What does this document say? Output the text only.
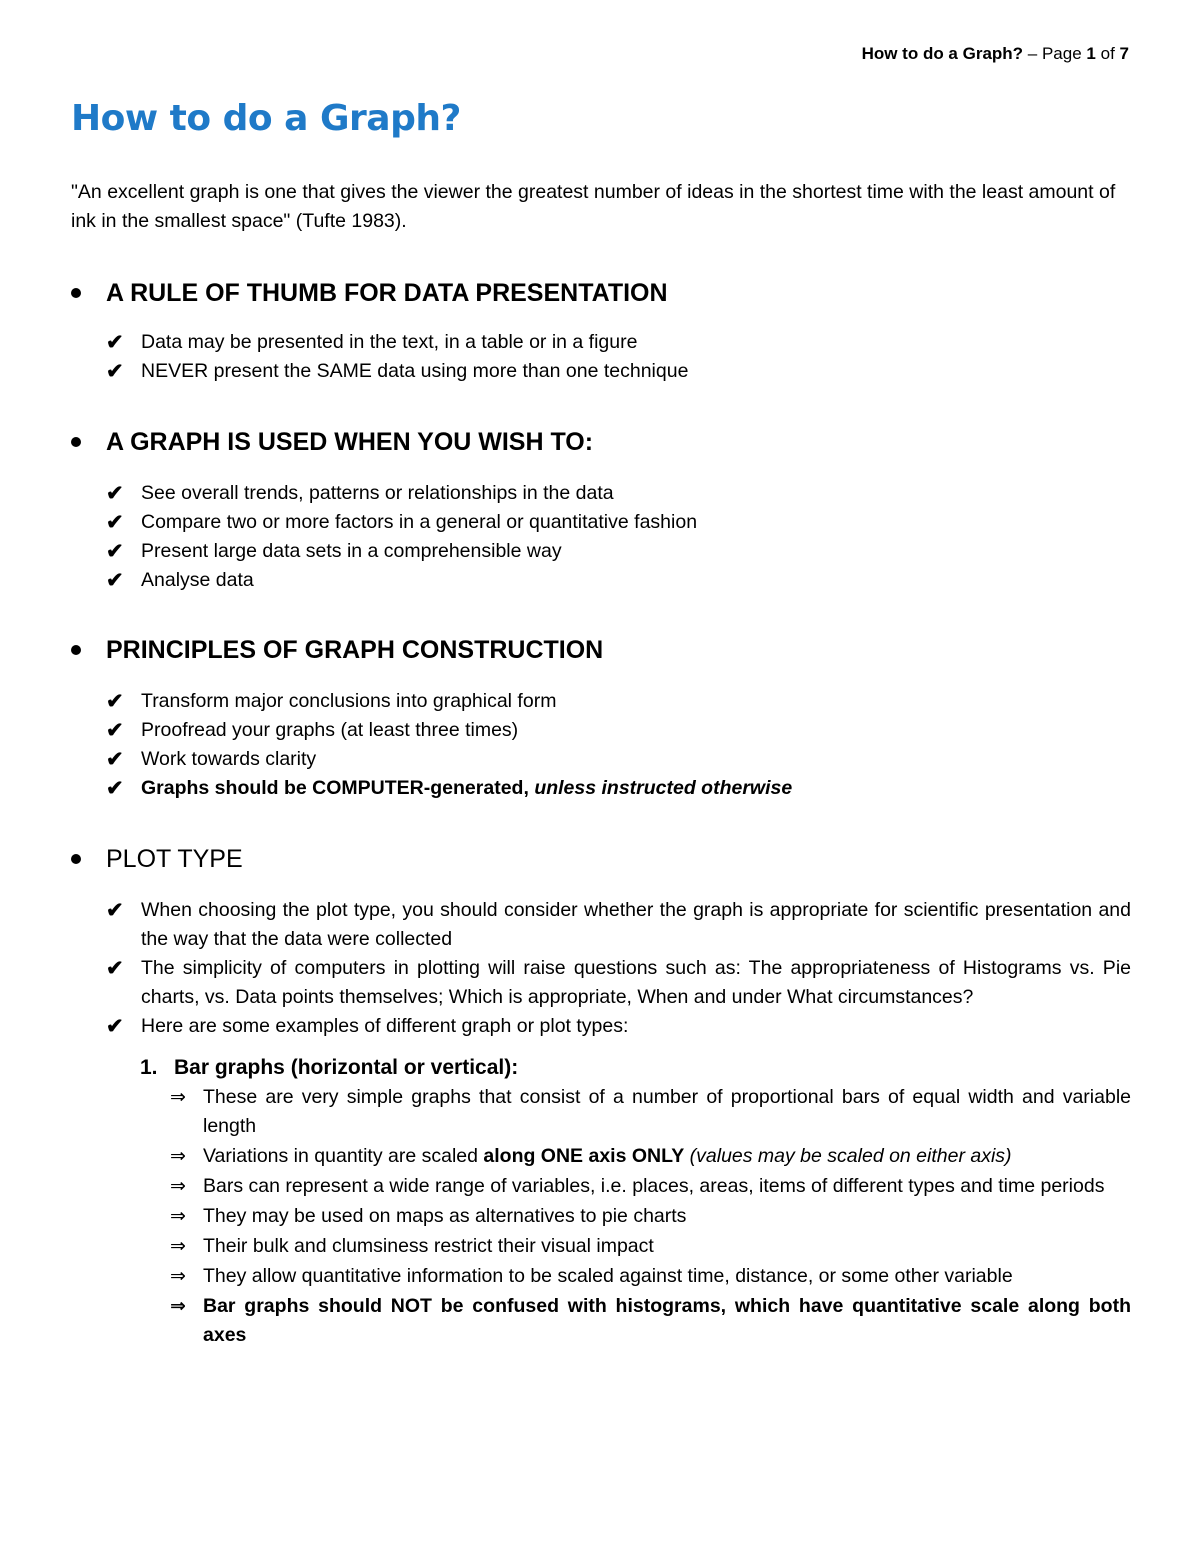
How to do a Graph? – Page 1 of 7
How to do a Graph?
"An excellent graph is one that gives the viewer the greatest number of ideas in the shortest time with the least amount of ink in the smallest space" (Tufte 1983).
A RULE OF THUMB FOR DATA PRESENTATION
✔ Data may be presented in the text, in a table or in a figure
✔ NEVER present the SAME data using more than one technique
A GRAPH IS USED WHEN YOU WISH TO:
✔ See overall trends, patterns or relationships in the data
✔ Compare two or more factors in a general or quantitative fashion
✔ Present large data sets in a comprehensible way
✔ Analyse data
PRINCIPLES OF GRAPH CONSTRUCTION
✔ Transform major conclusions into graphical form
✔ Proofread your graphs (at least three times)
✔ Work towards clarity
✔ Graphs should be COMPUTER-generated, unless instructed otherwise
PLOT TYPE
✔ When choosing the plot type, you should consider whether the graph is appropriate for scientific presentation and the way that the data were collected
✔ The simplicity of computers in plotting will raise questions such as: The appropriateness of Histograms vs. Pie charts, vs. Data points themselves; Which is appropriate, When and under What circumstances?
✔ Here are some examples of different graph or plot types:
1. Bar graphs (horizontal or vertical):
⇒ These are very simple graphs that consist of a number of proportional bars of equal width and variable length
⇒ Variations in quantity are scaled along ONE axis ONLY (values may be scaled on either axis)
⇒ Bars can represent a wide range of variables, i.e. places, areas, items of different types and time periods
⇒ They may be used on maps as alternatives to pie charts
⇒ Their bulk and clumsiness restrict their visual impact
⇒ They allow quantitative information to be scaled against time, distance, or some other variable
⇒ Bar graphs should NOT be confused with histograms, which have quantitative scale along both axes
